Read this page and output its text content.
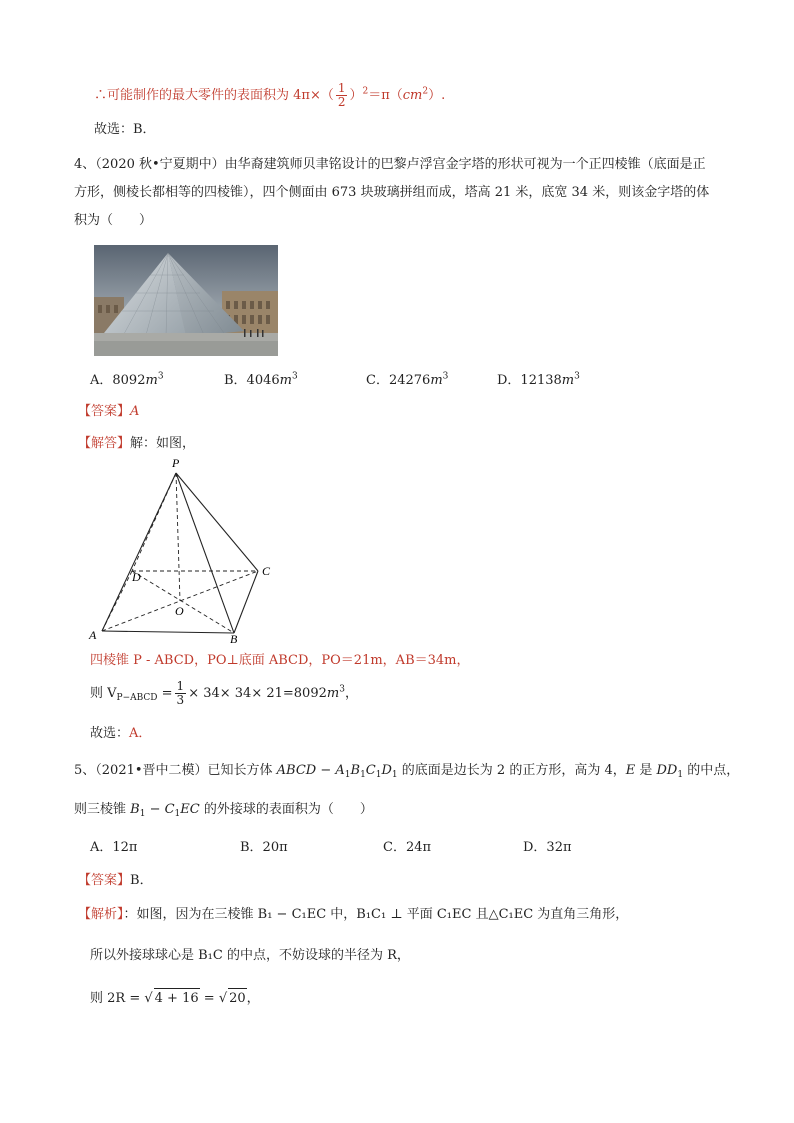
∴可能制作的最大零件的表面积为 $4\pi\times( \frac{1}{2} )^2=\pi(cm^2)$.
故选：B．
4、（2020 秋•宁夏期中）由华裔建筑师贝聿铭设计的巴黎卢浮宫金字塔的形状可视为一个正四棱锥（底面是正
方形，侧棱长都相等的四棱锥），四个侧面由 673 块玻璃拼组而成，塔高 21 米，底宽 34 米，则该金字塔的体
积为（　　）
A．$8092m^3$	B．$4046m^3$	C．$24276m^3$	D．$12138m^3$
【答案】A
【解答】解：如图，
P
D	C
O
A	B
四棱锥 P - ABCD，PO⊥底面 ABCD，PO＝21m，AB＝34m，
则 $V_{P-ABCD} = \frac{1}{3} \times 34\times 34\times 21=8092m^3$，
故选：A．
5、（2021•晋中二模）已知长方体 ABCD − $A_1B_1C_1D_1$ 的底面是边长为 2 的正方形，高为 4，E 是 $DD_1$ 的中点，
则三棱锥 $B_1 - C_1EC$ 的外接球的表面积为（　　）
A．12π	B．20π	C．24π	D．32π
【答案】B．
【解析】：如图，因为在三棱锥 B₁ − C₁EC 中，B₁C₁ ⊥ 平面 C₁EC 且△C₁EC 为直角三角形，
所以外接球球心是 B₁C 的中点，不妨设球的半径为 R，
则 2R = √ 4 + 16 = √ 20，
